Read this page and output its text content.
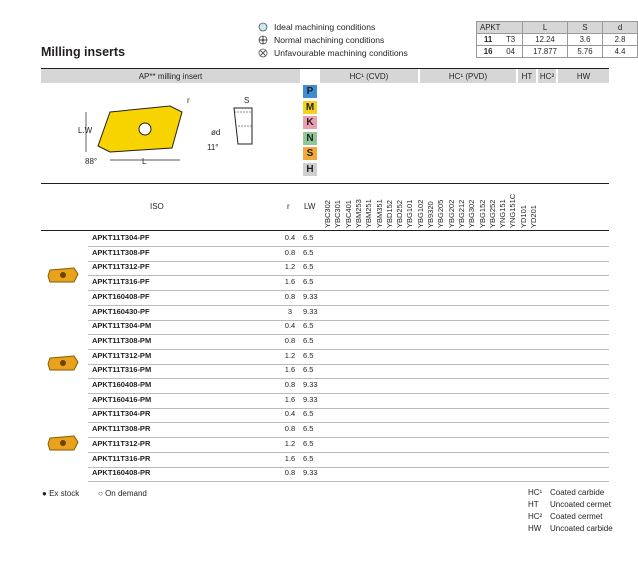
Milling inserts
Ideal machining conditions
Normal machining conditions
Unfavourable machining conditions
APKT		L	S	d
11	T3	12.24	3.6	2.8
16	04	17.877	5.76	4.4
AP** milling insert	HC¹ (CVD)	HC¹ (PVD)	HT HC²	HW
r
L.W
88°	L
S
ød
11°
P
M
K
N
S
H
ISO	r LW YBC302 YBC301 YBC401 YBM253 YBM251 YBM351 YBD152 YBD252 YBG101 YBG102 YB9320 YBG205 YBG202 YBG212 YBG302 YBG152 YBG252 YNG151 YNG151C YD101 YD201
APKT11T304-PF	0.4	6.5
APKT11T308-PF	0.8	6.5
APKT11T312-PF	1.2	6.5
APKT11T316-PF	1.6	6.5
APKT160408-PF	0.8	9.33
APKT160430-PF	3	9.33
APKT11T304-PM	0.4	6.5
APKT11T308-PM	0.8	6.5
APKT11T312-PM	1.2	6.5
APKT11T316-PM	1.6	6.5
APKT160408-PM	0.8	9.33
APKT160416-PM	1.6	9.33
APKT11T304-PR	0.4	6.5
APKT11T308-PR	0.8	6.5
APKT11T312-PR	1.2	6.5
APKT11T316-PR	1.6	6.5
APKT160408-PR	0.8	9.33
● Ex stock ○ On demand	HC¹ Coated carbide
HT Uncoated cermet
HC² Coated cermet
HW Uncoated carbide
